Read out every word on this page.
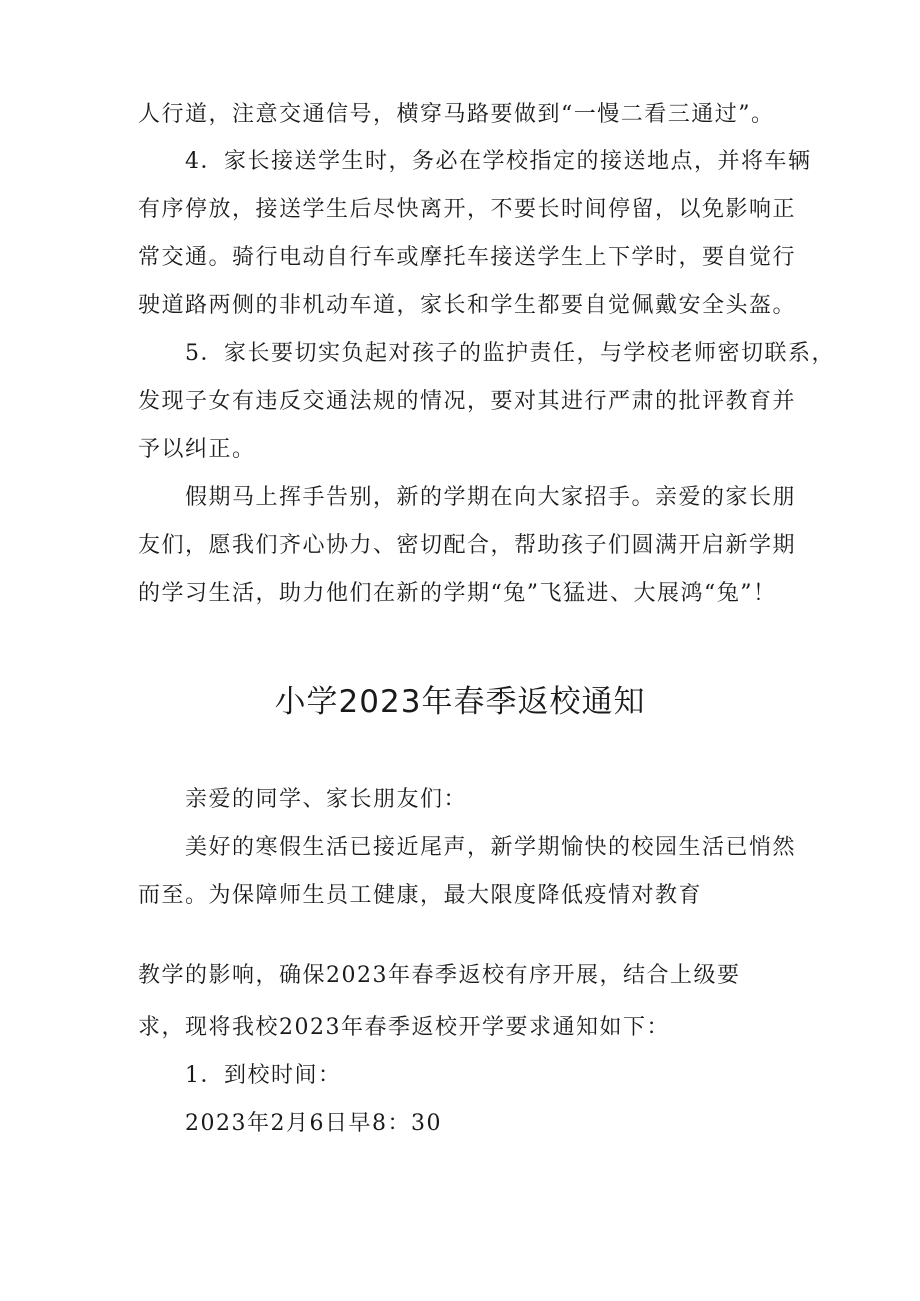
人行道，注意交通信号，横穿马路要做到“一慢二看三通过”。

4．家长接送学生时，务必在学校指定的接送地点，并将车辆

有序停放，接送学生后尽快离开，不要长时间停留，以免影响正

常交通。骑行电动自行车或摩托车接送学生上下学时，要自觉行

驶道路两侧的非机动车道，家长和学生都要自觉佩戴安全头盔。

5．家长要切实负起对孩子的监护责任，与学校老师密切联系，

发现子女有违反交通法规的情况，要对其进行严肃的批评教育并

予以纠正。

假期马上挥手告别，新的学期在向大家招手。亲爱的家长朋

友们，愿我们齐心协力、密切配合，帮助孩子们圆满开启新学期

的学习生活，助力他们在新的学期“兔”飞猛进、大展鸿“兔”！

小学2023年春季返校通知

亲爱的同学、家长朋友们：

美好的寒假生活已接近尾声，新学期愉快的校园生活已悄然

而至。为保障师生员工健康，最大限度降低疫情对教育

教学的影响，确保2023年春季返校有序开展，结合上级要

求，现将我校2023年春季返校开学要求通知如下：

1．到校时间：

2023年2月6日早8：30
